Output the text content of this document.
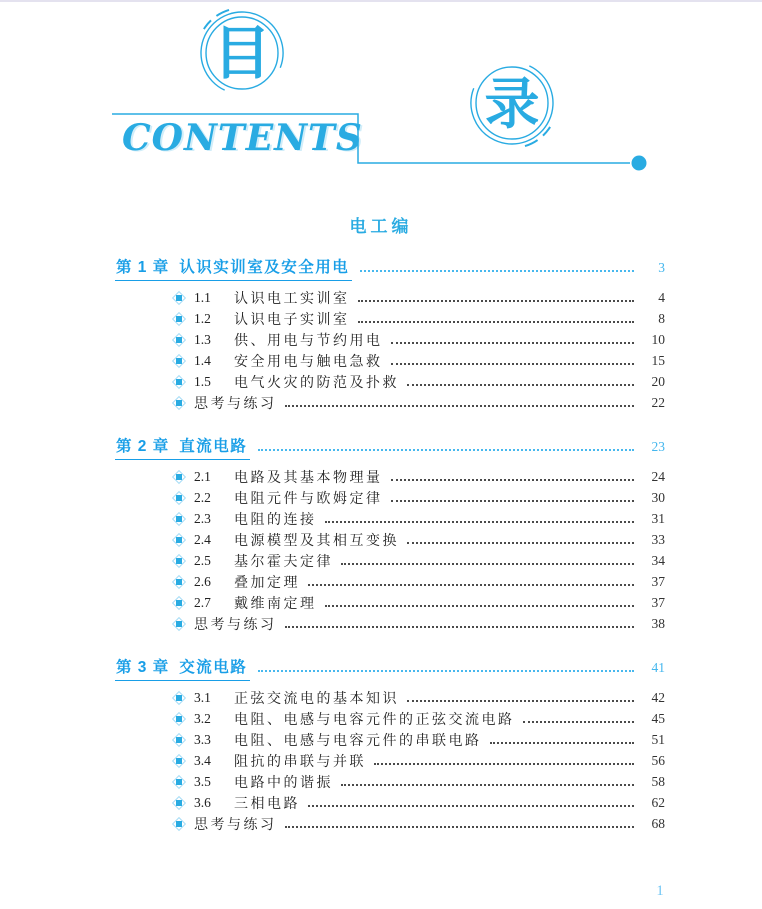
目
录
CONTENTS
电工编
第 1 章 认识实训室及安全用电	3
1.1	认识电工实训室	4
1.2	认识电子实训室	8
1.3	供、用电与节约用电	10
1.4	安全用电与触电急救	15
1.5	电气火灾的防范及扑救	20
思考与练习	22
第 2 章 直流电路	23
2.1	电路及其基本物理量	24
2.2	电阻元件与欧姆定律	30
2.3	电阻的连接	31
2.4	电源模型及其相互变换	33
2.5	基尔霍夫定律	34
2.6	叠加定理	37
2.7	戴维南定理	37
思考与练习	38
第 3 章 交流电路	41
3.1	正弦交流电的基本知识	42
3.2	电阻、电感与电容元件的正弦交流电路	45
3.3	电阻、电感与电容元件的串联电路	51
3.4	阻抗的串联与并联	56
3.5	电路中的谐振	58
3.6	三相电路	62
思考与练习	68
1
